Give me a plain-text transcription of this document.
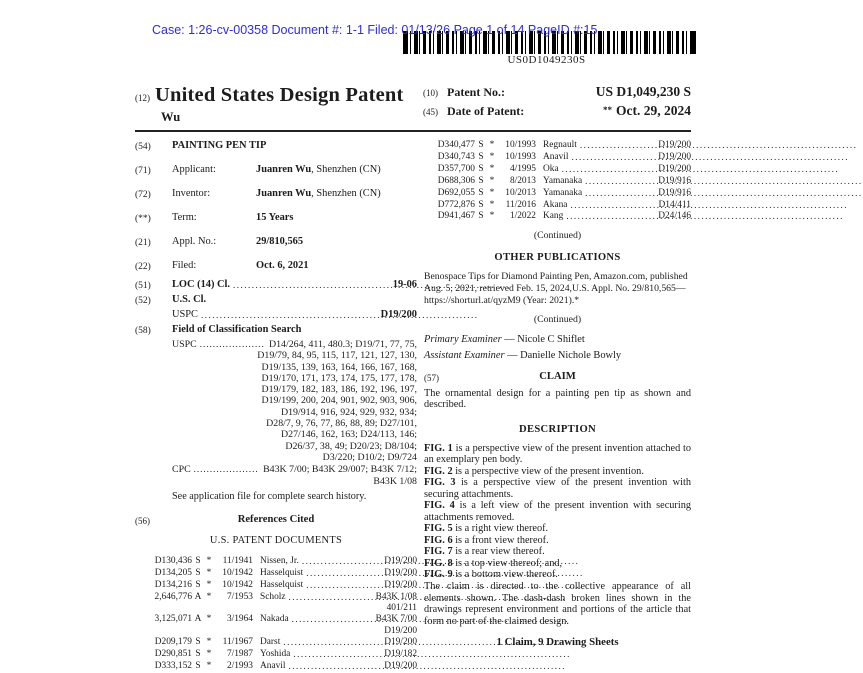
Case: 1:26-cv-00358 Document #: 1-1 Filed: 01/13/26 Page 1 of 14 PageID #:15
US0D1049230S
(12) United States Design Patent
Wu
(10) Patent No.:	US D1,049,230 S
(45) Date of Patent:	** Oct. 29, 2024
(54)	PAINTING PEN TIP
(71)	Applicant:	Juanren Wu, Shenzhen (CN)
(72)	Inventor:	Juanren Wu, Shenzhen (CN)
(**)	Term:	15 Years
(21)	Appl. No.:	29/810,565
(22)	Filed:	Oct. 6, 2021
(51)	LOC (14) Cl. .....	19-06
(52)	U.S. Cl.
USPC .....	D19/200
(58)	Field of Classification Search
USPC .....	D14/264, 411, 480.3; D19/71, 77, 75,
D19/79, 84, 95, 115, 117, 121, 127, 130,
D19/135, 139, 163, 164, 166, 167, 168,
D19/170, 171, 173, 174, 175, 177, 178,
D19/179, 182, 183, 186, 192, 196, 197,
D19/199, 200, 204, 901, 902, 903, 906,
D19/914, 916, 924, 929, 932, 934;
D28/7, 9, 76, 77, 86, 88, 89; D27/101,
D27/146, 162, 163; D24/113, 146;
D26/37, 38, 49; D20/23; D8/104;
D3/220; D10/2; D9/724
CPC .....	B43K 7/00; B43K 29/007; B43K 7/12;
B43K 1/08
See application file for complete search history.
(56)	References Cited
U.S. PATENT DOCUMENTS
D130,436 S *	11/1941 Nissen, Jr. .....	D19/200
D134,205 S *	10/1942 Hasselquist .....	D19/200
D134,216 S *	10/1942 Hasselquist .....	D19/200
2,646,776 A *	7/1953 Scholz .....	B43K 1/08
401/211
3,125,071 A *	3/1964 Nakada .....	B43K 7/00
D19/200
D209,179 S *	11/1967 Darst .....	D19/200
D290,851 S *	7/1987 Yoshida .....	D19/182
D333,152 S *	2/1993 Anavil .....	D19/200
D340,477 S *	10/1993 Regnault .....	D19/200
D340,743 S *	10/1993 Anavil .....	D19/200
D357,700 S *	4/1995 Oka .....	D19/200
D688,306 S *	8/2013 Yamanaka .....	D19/916
D692,055 S *	10/2013 Yamanaka .....	D19/916
D772,876 S *	11/2016 Akana .....	D14/411
D941,467 S *	1/2022 Kang .....	D24/146
(Continued)
OTHER PUBLICATIONS
Benospace Tips for Diamond Painting Pen, Amazon.com, published
Aug. 5, 2021, retrieved Feb. 15, 2024,U.S. Appl. No. 29/810,565—
https://shorturl.at/qyzM9 (Year: 2021).*
(Continued)
Primary Examiner — Nicole C Shiflet
Assistant Examiner — Danielle Nichole Bowly
(57)	CLAIM
The ornamental design for a painting pen tip as shown and described.
DESCRIPTION

FIG. 1 is a perspective view of the present invention attached to an exemplary pen body.

FIG. 2 is a perspective view of the present invention.

FIG. 3 is a perspective view of the present invention with securing attachments.

FIG. 4 is a left view of the present invention with securing attachments removed.

FIG. 5 is a right view thereof.

FIG. 6 is a front view thereof.

FIG. 7 is a rear view thereof.

FIG. 8 is a top view thereof; and,

FIG. 9 is a bottom view thereof.

The claim is directed to the collective appearance of all elements shown. The dash-dash broken lines shown in the drawings represent environment and portions of the article that form no part of the claimed design.
1 Claim, 9 Drawing Sheets
